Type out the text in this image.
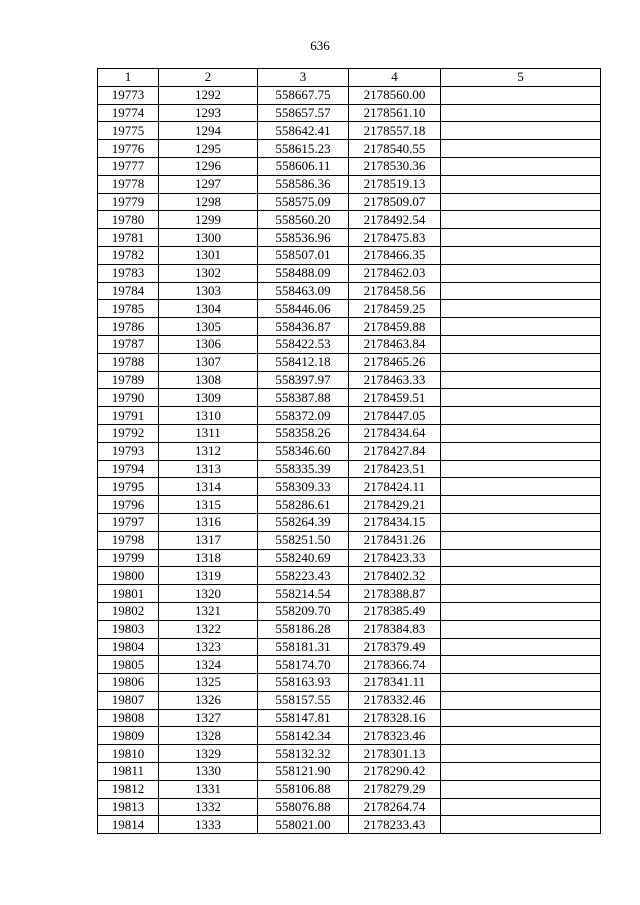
636
1	2	3	4	5
19773	1292	558667.75	2178560.00	
19774	1293	558657.57	2178561.10	
19775	1294	558642.41	2178557.18	
19776	1295	558615.23	2178540.55	
19777	1296	558606.11	2178530.36	
19778	1297	558586.36	2178519.13	
19779	1298	558575.09	2178509.07	
19780	1299	558560.20	2178492.54	
19781	1300	558536.96	2178475.83	
19782	1301	558507.01	2178466.35	
19783	1302	558488.09	2178462.03	
19784	1303	558463.09	2178458.56	
19785	1304	558446.06	2178459.25	
19786	1305	558436.87	2178459.88	
19787	1306	558422.53	2178463.84	
19788	1307	558412.18	2178465.26	
19789	1308	558397.97	2178463.33	
19790	1309	558387.88	2178459.51	
19791	1310	558372.09	2178447.05	
19792	1311	558358.26	2178434.64	
19793	1312	558346.60	2178427.84	
19794	1313	558335.39	2178423.51	
19795	1314	558309.33	2178424.11	
19796	1315	558286.61	2178429.21	
19797	1316	558264.39	2178434.15	
19798	1317	558251.50	2178431.26	
19799	1318	558240.69	2178423.33	
19800	1319	558223.43	2178402.32	
19801	1320	558214.54	2178388.87	
19802	1321	558209.70	2178385.49	
19803	1322	558186.28	2178384.83	
19804	1323	558181.31	2178379.49	
19805	1324	558174.70	2178366.74	
19806	1325	558163.93	2178341.11	
19807	1326	558157.55	2178332.46	
19808	1327	558147.81	2178328.16	
19809	1328	558142.34	2178323.46	
19810	1329	558132.32	2178301.13	
19811	1330	558121.90	2178290.42	
19812	1331	558106.88	2178279.29	
19813	1332	558076.88	2178264.74	
19814	1333	558021.00	2178233.43	
